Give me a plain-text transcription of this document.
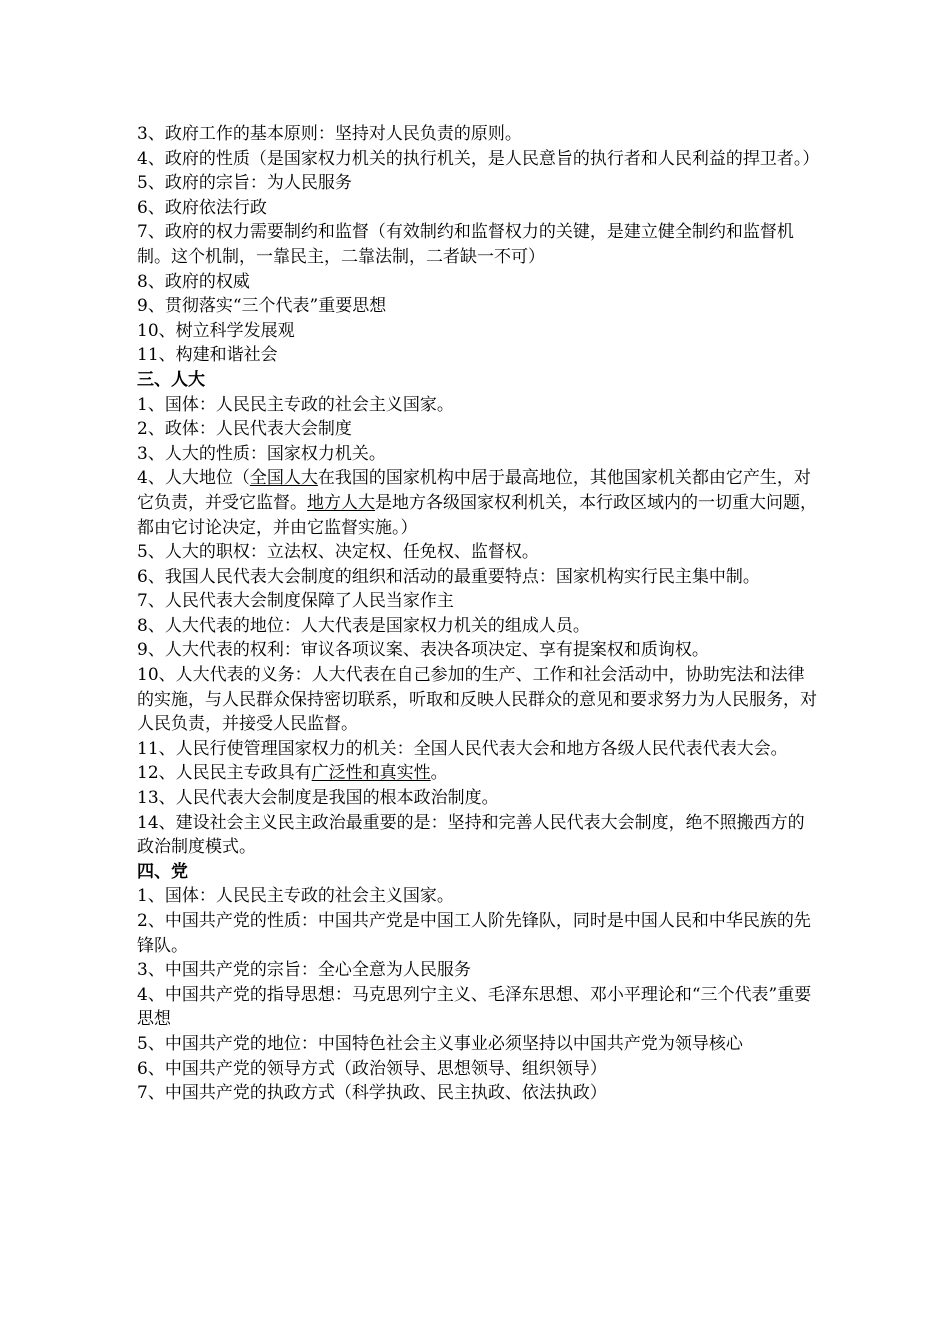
3、政府工作的基本原则：坚持对人民负责的原则。
4、政府的性质（是国家权力机关的执行机关，是人民意旨的执行者和人民利益的捍卫者。）
5、政府的宗旨：为人民服务
6、政府依法行政
7、政府的权力需要制约和监督（有效制约和监督权力的关键，是建立健全制约和监督机制。这个机制，一靠民主，二靠法制，二者缺一不可）
8、政府的权威
9、贯彻落实“三个代表”重要思想
10、树立科学发展观
11、构建和谐社会
三、人大
1、国体：人民民主专政的社会主义国家。
2、政体：人民代表大会制度
3、人大的性质：国家权力机关。
4、人大地位（全国人大在我国的国家机构中居于最高地位，其他国家机关都由它产生，对它负责，并受它监督。地方人大是地方各级国家权利机关，本行政区域内的一切重大问题，都由它讨论决定，并由它监督实施。）
5、人大的职权：立法权、决定权、任免权、监督权。
6、我国人民代表大会制度的组织和活动的最重要特点：国家机构实行民主集中制。
7、人民代表大会制度保障了人民当家作主
8、人大代表的地位：人大代表是国家权力机关的组成人员。
9、人大代表的权利：审议各项议案、表决各项决定、享有提案权和质询权。
10、人大代表的义务：人大代表在自己参加的生产、工作和社会活动中，协助宪法和法律的实施，与人民群众保持密切联系，听取和反映人民群众的意见和要求努力为人民服务，对人民负责，并接受人民监督。
11、人民行使管理国家权力的机关：全国人民代表大会和地方各级人民代表代表大会。
12、人民民主专政具有广泛性和真实性。
13、人民代表大会制度是我国的根本政治制度。
14、建设社会主义民主政治最重要的是：坚持和完善人民代表大会制度，绝不照搬西方的政治制度模式。
四、党
1、国体：人民民主专政的社会主义国家。
2、中国共产党的性质：中国共产党是中国工人阶先锋队，同时是中国人民和中华民族的先锋队。
3、中国共产党的宗旨：全心全意为人民服务
4、中国共产党的指导思想：马克思列宁主义、毛泽东思想、邓小平理论和“三个代表”重要思想
5、中国共产党的地位：中国特色社会主义事业必须坚持以中国共产党为领导核心
6、中国共产党的领导方式（政治领导、思想领导、组织领导）
7、中国共产党的执政方式（科学执政、民主执政、依法执政）
